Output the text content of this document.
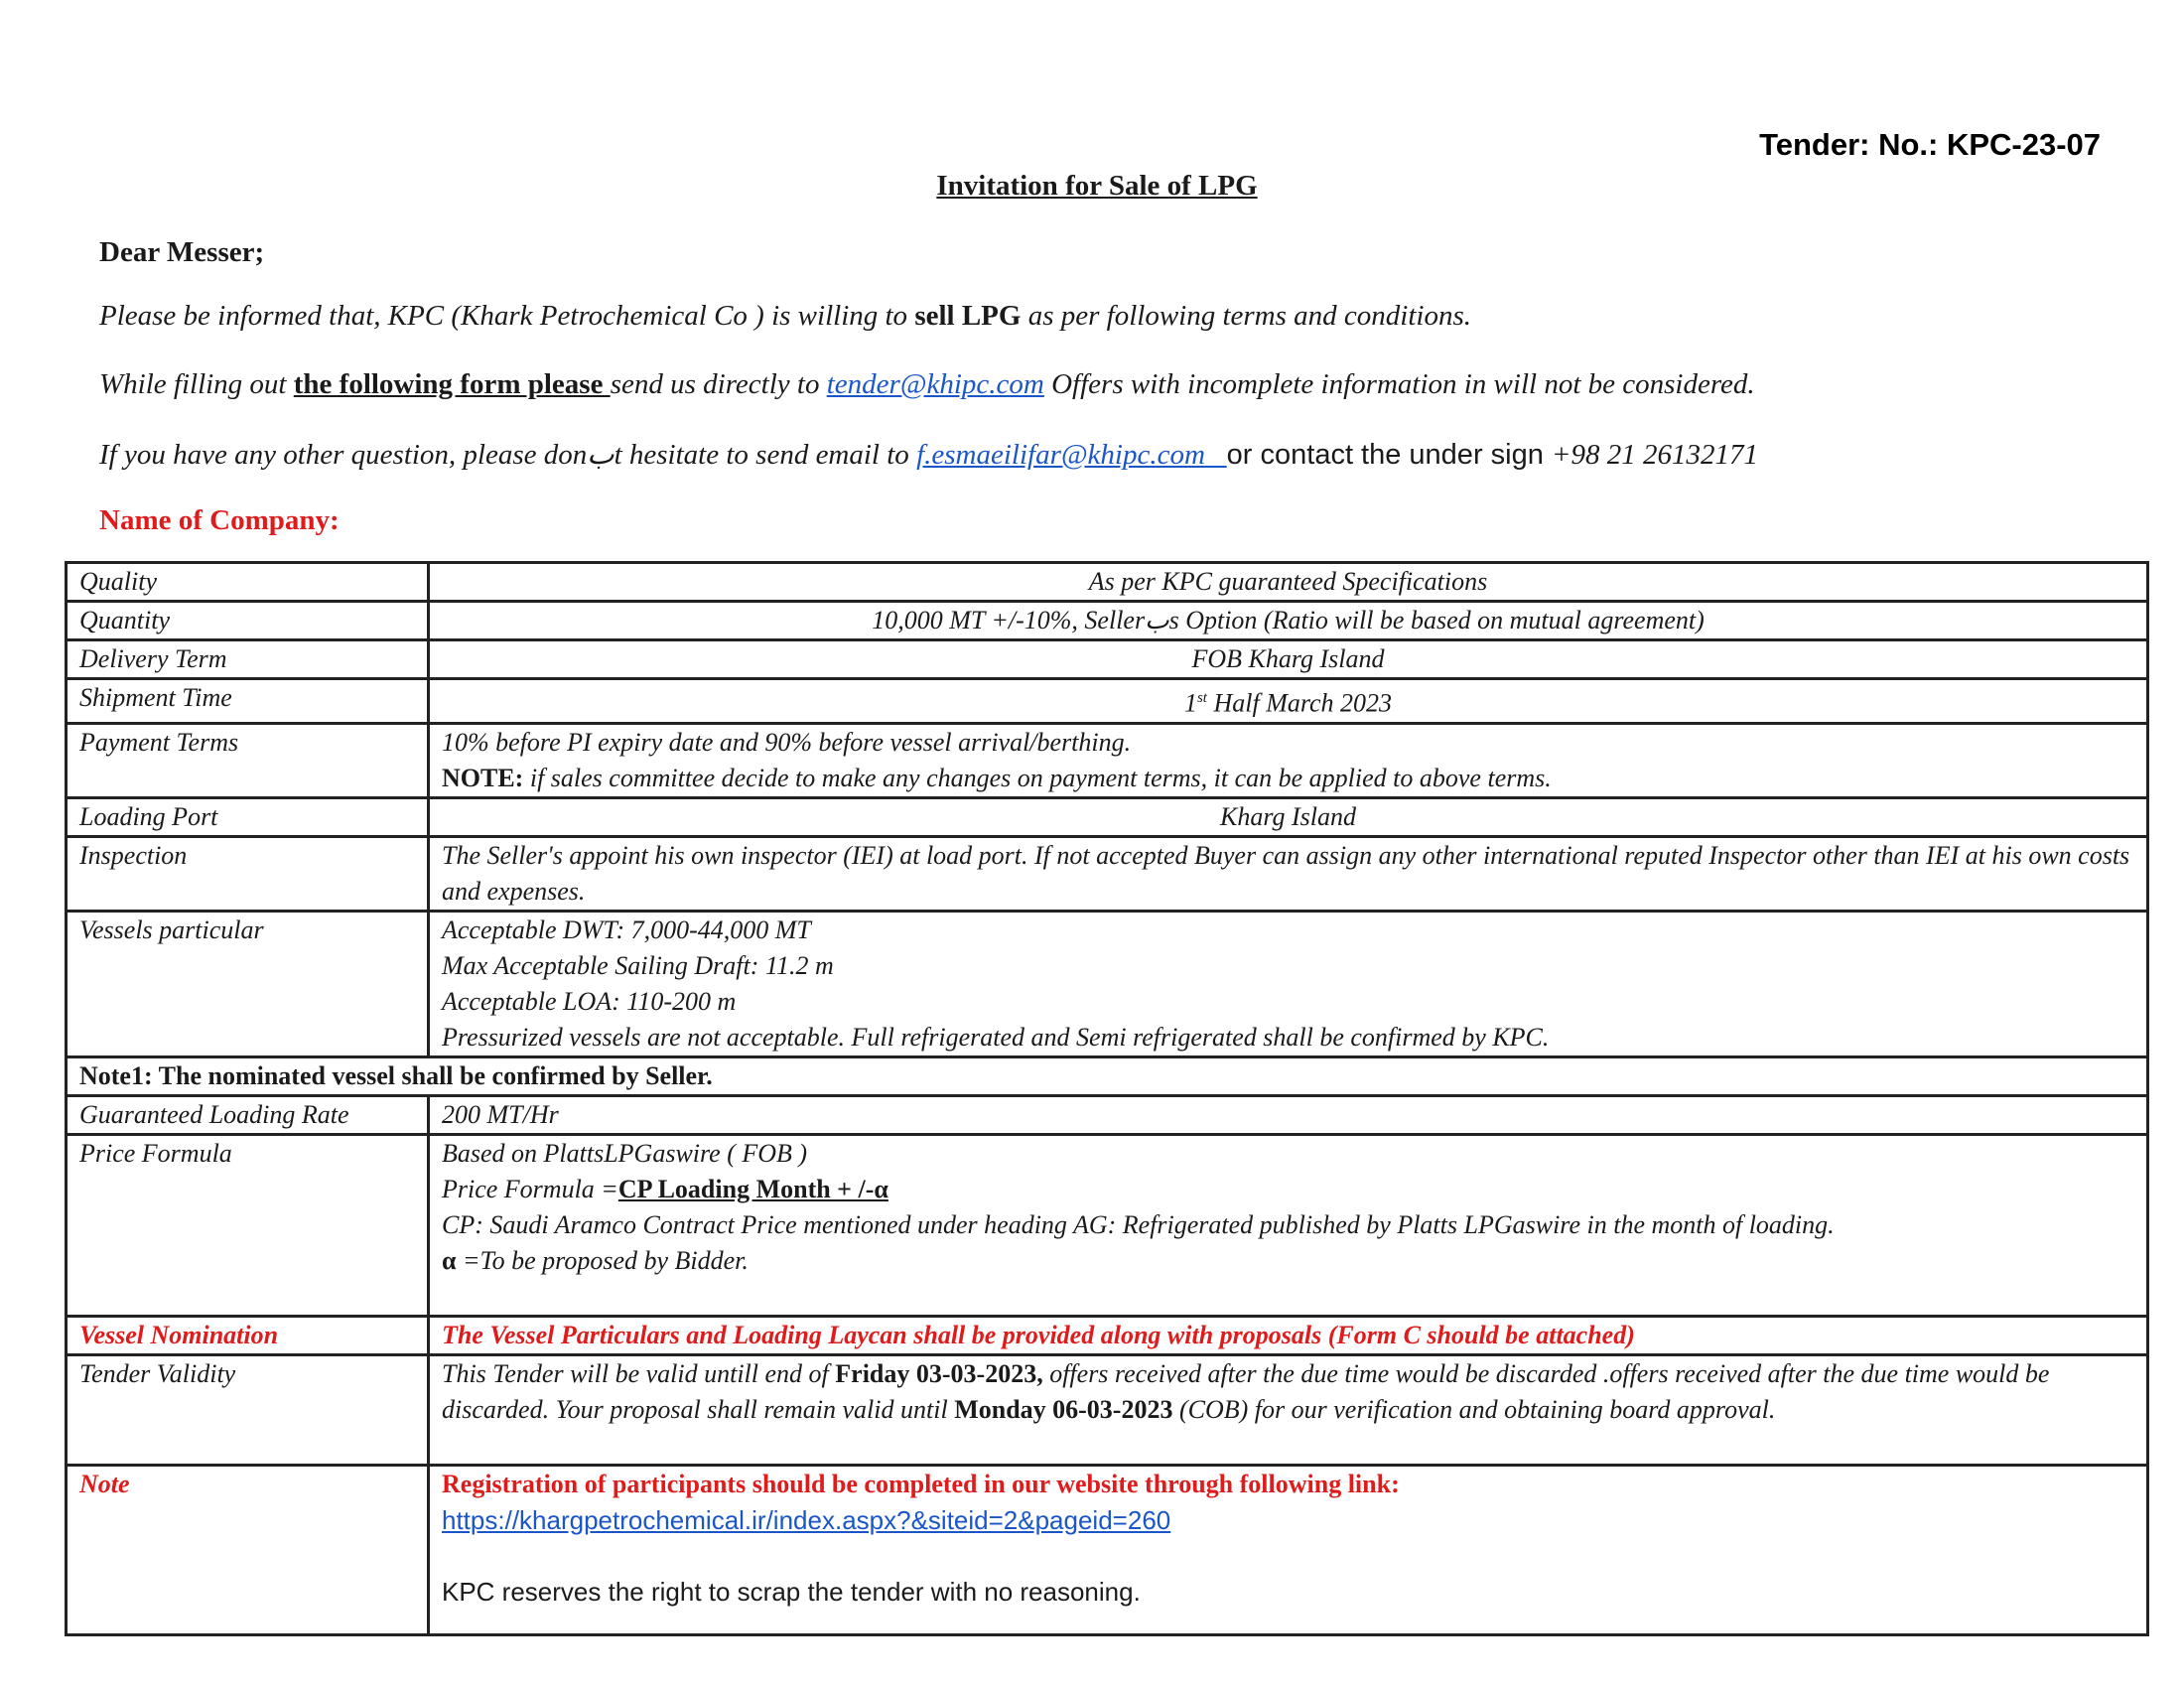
Tender: No.: KPC-23-07
Invitation for Sale of LPG
Dear Messer;
Please be informed that, KPC (Khark Petrochemical Co ) is willing to sell LPG as per following terms and conditions.
While filling out the following form please send us directly to tender@khipc.com Offers with incomplete information in will not be considered.
If you have any other question, please donبt hesitate to send email to f.esmaeilifar@khipc.com or contact the under sign +98 21 26132171
Name of Company:
Quality	As per KPC guaranteed Specifications
Quantity	10,000 MT +/-10%, Sellerبs Option (Ratio will be based on mutual agreement)
Delivery Term	FOB Kharg Island
Shipment Time	1st Half March 2023
Payment Terms	10% before PI expiry date and 90% before vessel arrival/berthing.
NOTE: if sales committee decide to make any changes on payment terms, it can be applied to above terms.

Loading Port	Kharg Island
Inspection	The Seller's appoint his own inspector (IEI) at load port. If not accepted Buyer can assign any other international reputed Inspector other than IEI at his own costs and expenses.
Vessels particular	Acceptable DWT: 7,000-44,000 MT
Max Acceptable Sailing Draft: 11.2 m
Acceptable LOA: 110-200 m
Pressurized vessels are not acceptable. Full refrigerated and Semi refrigerated shall be confirmed by KPC.

Note1: The nominated vessel shall be confirmed by Seller.	
Guaranteed Loading Rate	200 MT/Hr
Price Formula	Based on PlattsLPGaswire ( FOB )
Price Formula =CP Loading Month + /-α
CP: Saudi Aramco Contract Price mentioned under heading AG: Refrigerated published by Platts LPGaswire in the month of loading.
α =To be proposed by Bidder.

Vessel Nomination	The Vessel Particulars and Loading Laycan shall be provided along with proposals (Form C should be attached)
Tender Validity	This Tender will be valid untill end of Friday 03-03-2023, offers received after the due time would be discarded .offers received after the due time would be discarded. Your proposal shall remain valid until Monday 06-03-2023 (COB) for our verification and obtaining board approval.

Note	Registration of participants should be completed in our website through following link:
https://khargpetrochemical.ir/index.aspx?&siteid=2&pageid=260
KPC reserves the right to scrap the tender with no reasoning.
